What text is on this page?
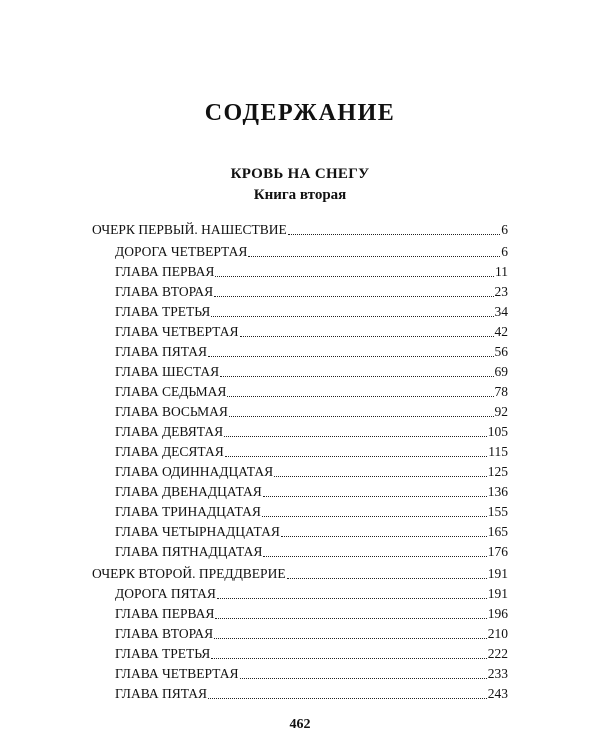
СОДЕРЖАНИЕ
КРОВЬ НА СНЕГУ
Книга вторая
ОЧЕРК ПЕРВЫЙ. НАШЕСТВИЕ	6
ДОРОГА ЧЕТВЕРТАЯ	6
ГЛАВА ПЕРВАЯ	11
ГЛАВА ВТОРАЯ	23
ГЛАВА ТРЕТЬЯ	34
ГЛАВА ЧЕТВЕРТАЯ	42
ГЛАВА ПЯТАЯ	56
ГЛАВА ШЕСТАЯ	69
ГЛАВА СЕДЬМАЯ	78
ГЛАВА ВОСЬМАЯ	92
ГЛАВА ДЕВЯТАЯ	105
ГЛАВА ДЕСЯТАЯ	115
ГЛАВА ОДИННАДЦАТАЯ	125
ГЛАВА ДВЕНАДЦАТАЯ	136
ГЛАВА ТРИНАДЦАТАЯ	155
ГЛАВА ЧЕТЫРНАДЦАТАЯ	165
ГЛАВА ПЯТНАДЦАТАЯ	176
ОЧЕРК ВТОРОЙ. ПРЕДДВЕРИЕ	191
ДОРОГА ПЯТАЯ	191
ГЛАВА ПЕРВАЯ	196
ГЛАВА ВТОРАЯ	210
ГЛАВА ТРЕТЬЯ	222
ГЛАВА ЧЕТВЕРТАЯ	233
ГЛАВА ПЯТАЯ	243
462
